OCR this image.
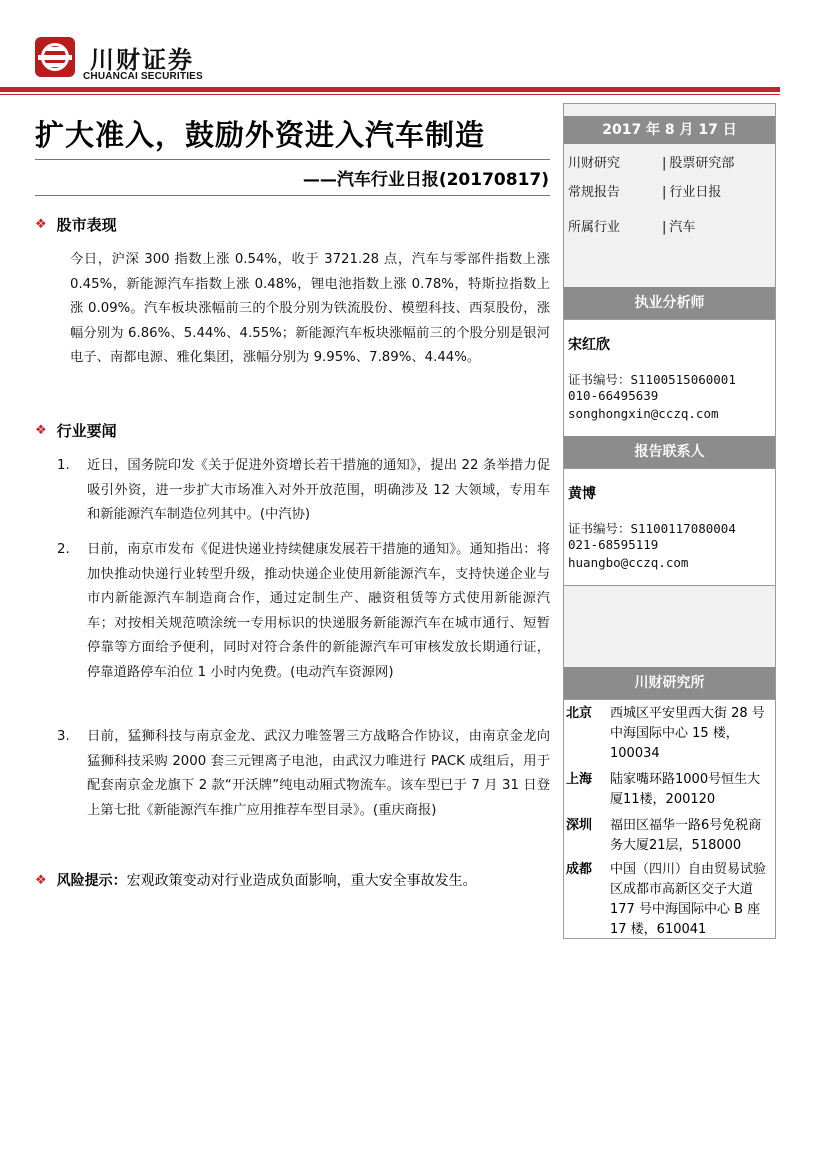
川财证券
CHUANCAI SECURITIES
扩大准入，鼓励外资进入汽车制造
——汽车行业日报(20170817)
❖ 股市表现
今日，沪深 300 指数上涨 0.54%，收于 3721.28 点，汽车与零部件指数上涨 0.45%，新能源汽车指数上涨 0.48%，锂电池指数上涨 0.78%，特斯拉指数上涨 0.09%。汽车板块涨幅前三的个股分别为铁流股份、模塑科技、西泵股份，涨幅分别为 6.86%、5.44%、4.55%；新能源汽车板块涨幅前三的个股分别是银河电子、南都电源、雅化集团，涨幅分别为 9.95%、7.89%、4.44%。
❖ 行业要闻
1.	近日，国务院印发《关于促进外资增长若干措施的通知》，提出 22 条举措力促吸引外资，进一步扩大市场准入对外开放范围，明确涉及 12 大领域，专用车和新能源汽车制造位列其中。(中汽协)
2.	日前，南京市发布《促进快递业持续健康发展若干措施的通知》。通知指出：将加快推动快递行业转型升级，推动快递企业使用新能源汽车，支持快递企业与市内新能源汽车制造商合作，通过定制生产、融资租赁等方式使用新能源汽车；对按相关规范喷涂统一专用标识的快递服务新能源汽车在城市通行、短暂停靠等方面给予便利，同时对符合条件的新能源汽车可审核发放长期通行证，停靠道路停车泊位 1 小时内免费。(电动汽车资源网)
3.	日前，猛狮科技与南京金龙、武汉力唯签署三方战略合作协议，由南京金龙向猛狮科技采购 2000 套三元锂离子电池，由武汉力唯进行 PACK 成组后，用于配套南京金龙旗下 2 款“开沃牌”纯电动厢式物流车。该车型已于 7 月 31 日登上第七批《新能源汽车推广应用推荐车型目录》。(重庆商报)
❖ 风险提示：宏观政策变动对行业造成负面影响，重大安全事故发生。
2017 年 8 月 17 日
川财研究	| 股票研究部
常规报告	| 行业日报
所属行业	| 汽车
执业分析师
宋红欣
证书编号：S1100515060001
010-66495639
songhongxin@cczq.com
报告联系人
黄博
证书编号：S1100117080004
021-68595119
huangbo@cczq.com
川财研究所
北京	西城区平安里西大街 28 号中海国际中心 15 楼，100034
上海	陆家嘴环路1000号恒生大厦11楼，200120
深圳	福田区福华一路6号免税商务大厦21层，518000
成都	中国（四川）自由贸易试验区成都市高新区交子大道 177 号中海国际中心 B 座 17 楼，610041
